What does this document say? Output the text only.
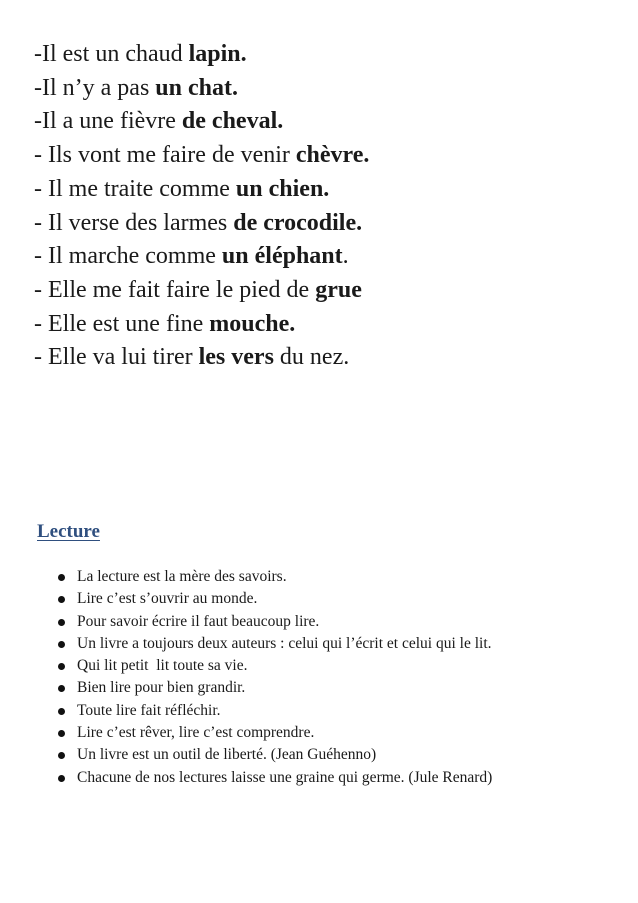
-Il est un chaud lapin.

-Il n’y a pas un chat.

-Il a une fièvre de cheval.

- Ils vont me faire de venir chèvre.

- Il me traite comme un chien.

- Il verse des larmes de crocodile.

- Il marche comme un éléphant.

- Elle me fait faire le pied de grue

- Elle est une fine mouche.

- Elle va lui tirer les vers du nez.

Lecture
La lecture est la mère des savoirs.
Lire c’est s’ouvrir au monde.
Pour savoir écrire il faut beaucoup lire.
Un livre a toujours deux auteurs : celui qui l’écrit et celui qui le lit.
Qui lit petit  lit toute sa vie.
Bien lire pour bien grandir.
Toute lire fait réfléchir.
Lire c’est rêver, lire c’est comprendre.
Un livre est un outil de liberté. (Jean Guéhenno)
Chacune de nos lectures laisse une graine qui germe. (Jule Renard)
